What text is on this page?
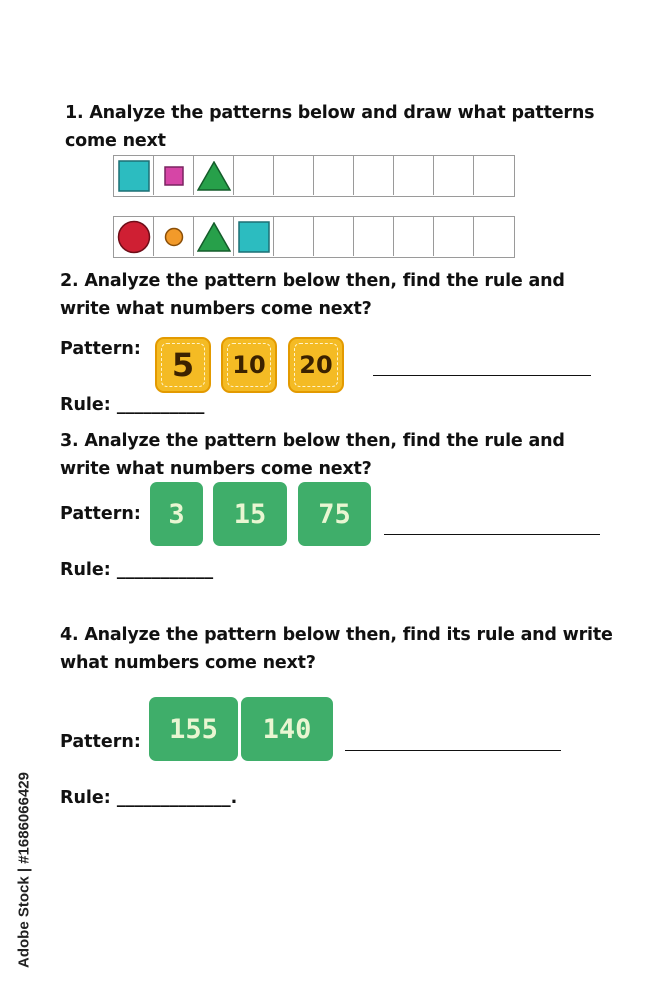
1. Analyze the patterns below and draw what patterns come next
2. Analyze the pattern below then, find the rule and write what numbers come next?
Pattern: 5	10	20
Rule: __________
3. Analyze the pattern below then, find the rule and write what numbers come next?
Pattern:	3	15	75
Rule: ___________
4. Analyze the pattern below then, find its rule and write what numbers come next?
Pattern:	155	140
Rule: _____________.
Adobe Stock | #1686066429
